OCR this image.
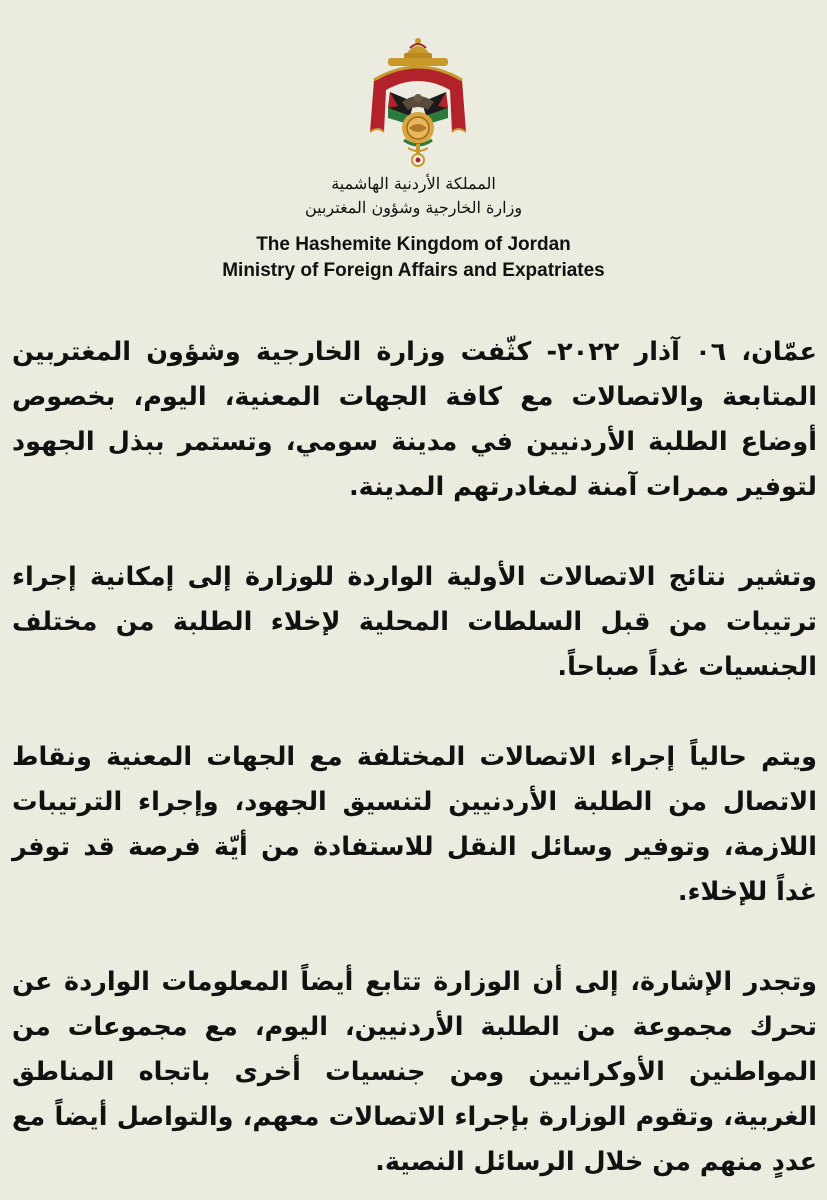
المملكة الأردنية الهاشمية
وزارة الخارجية وشؤون المغتربين
The Hashemite Kingdom of Jordan
Ministry of Foreign Affairs and Expatriates

عمّان، ٠٦ آذار ٢٠٢٢- كثّفت وزارة الخارجية وشؤون المغتربين المتابعة والاتصالات مع كافة الجهات المعنية، اليوم، بخصوص أوضاع الطلبة الأردنيين في مدينة سومي، وتستمر ببذل الجهود لتوفير ممرات آمنة لمغادرتهم المدينة.

وتشير نتائج الاتصالات الأولية الواردة للوزارة إلى إمكانية إجراء ترتيبات من قبل السلطات المحلية لإخلاء الطلبة من مختلف الجنسيات غداً صباحاً.

ويتم حالياً إجراء الاتصالات المختلفة مع الجهات المعنية ونقاط الاتصال من الطلبة الأردنيين لتنسيق الجهود، وإجراء الترتيبات اللازمة، وتوفير وسائل النقل للاستفادة من أيّة فرصة قد توفر غداً للإخلاء.

وتجدر الإشارة، إلى أن الوزارة تتابع أيضاً المعلومات الواردة عن تحرك مجموعة من الطلبة الأردنيين، اليوم، مع مجموعات من المواطنين الأوكرانيين ومن جنسيات أخرى باتجاه المناطق الغربية، وتقوم الوزارة بإجراء الاتصالات معهم، والتواصل أيضاً مع عددٍ منهم من خلال الرسائل النصية.
